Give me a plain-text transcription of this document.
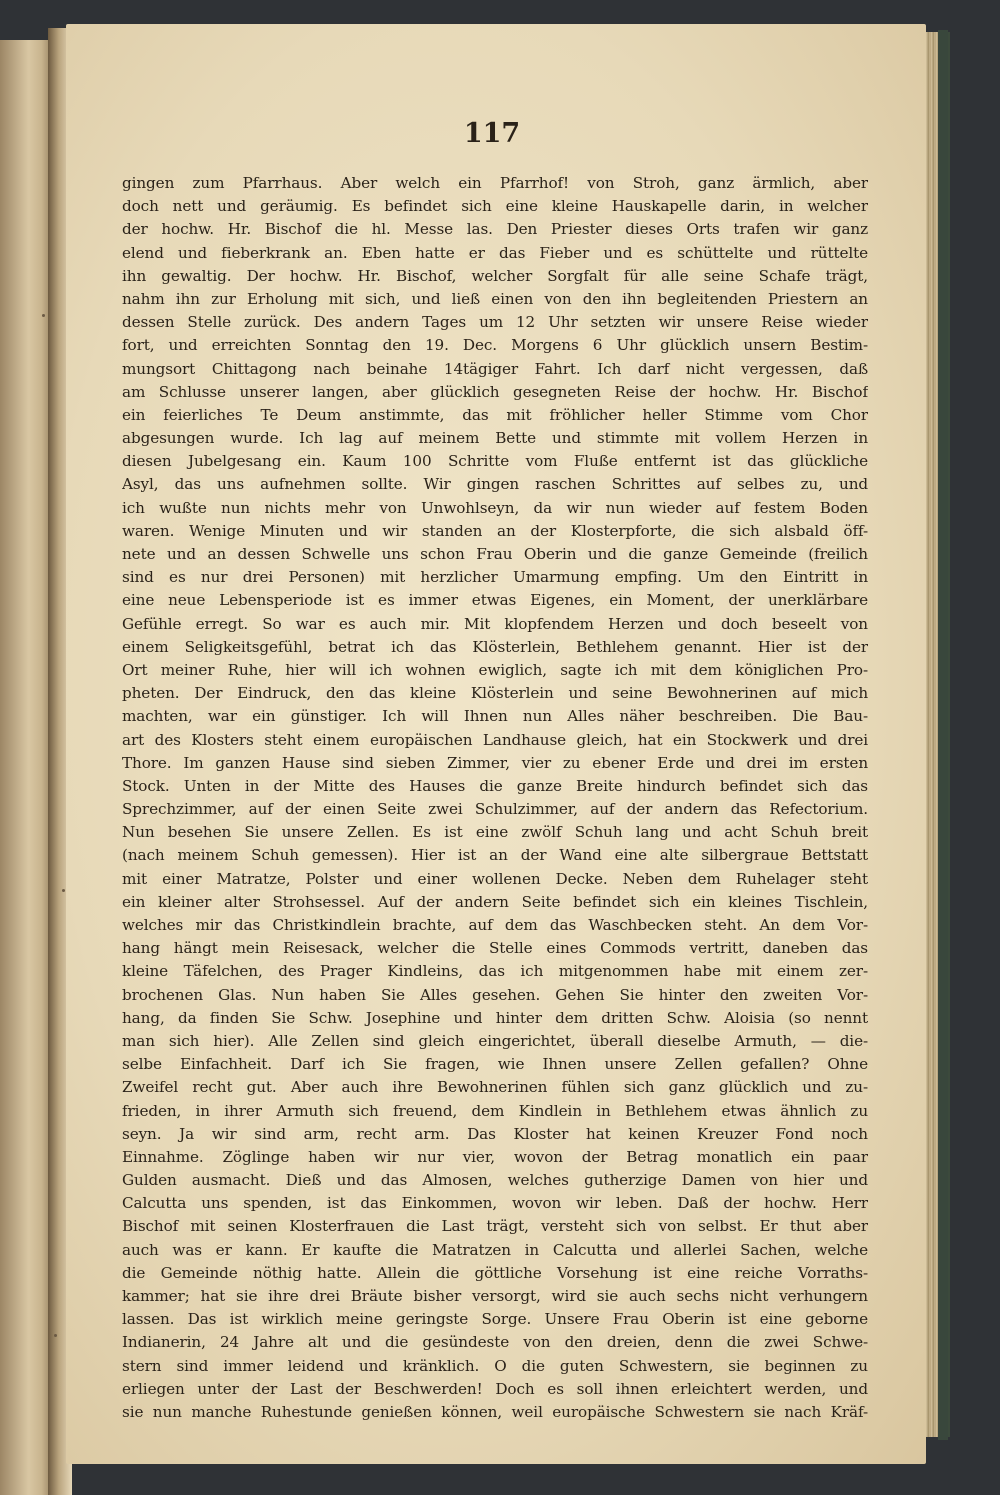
117
gingen zum Pfarrhaus. Aber welch ein Pfarrhof! von Stroh, ganz ärmlich, aber
doch nett und geräumig. Es befindet sich eine kleine Hauskapelle darin, in welcher
der hochw. Hr. Bischof die hl. Messe las. Den Priester dieses Orts trafen wir ganz
elend und fieberkrank an. Eben hatte er das Fieber und es schüttelte und rüttelte
ihn gewaltig. Der hochw. Hr. Bischof, welcher Sorgfalt für alle seine Schafe trägt,
nahm ihn zur Erholung mit sich, und ließ einen von den ihn begleitenden Priestern an
dessen Stelle zurück. Des andern Tages um 12 Uhr setzten wir unsere Reise wieder
fort, und erreichten Sonntag den 19. Dec. Morgens 6 Uhr glücklich unsern Bestim-
mungsort Chittagong nach beinahe 14tägiger Fahrt. Ich darf nicht vergessen, daß
am Schlusse unserer langen, aber glücklich gesegneten Reise der hochw. Hr. Bischof
ein feierliches Te Deum anstimmte, das mit fröhlicher heller Stimme vom Chor
abgesungen wurde. Ich lag auf meinem Bette und stimmte mit vollem Herzen in
diesen Jubelgesang ein. Kaum 100 Schritte vom Fluße entfernt ist das glückliche
Asyl, das uns aufnehmen sollte. Wir gingen raschen Schrittes auf selbes zu, und
ich wußte nun nichts mehr von Unwohlseyn, da wir nun wieder auf festem Boden
waren. Wenige Minuten und wir standen an der Klosterpforte, die sich alsbald öff-
nete und an dessen Schwelle uns schon Frau Oberin und die ganze Gemeinde (freilich
sind es nur drei Personen) mit herzlicher Umarmung empfing. Um den Eintritt in
eine neue Lebensperiode ist es immer etwas Eigenes, ein Moment, der unerklärbare
Gefühle erregt. So war es auch mir. Mit klopfendem Herzen und doch beseelt von
einem Seligkeitsgefühl, betrat ich das Klösterlein, Bethlehem genannt. Hier ist der
Ort meiner Ruhe, hier will ich wohnen ewiglich, sagte ich mit dem königlichen Pro-
pheten. Der Eindruck, den das kleine Klösterlein und seine Bewohnerinen auf mich
machten, war ein günstiger. Ich will Ihnen nun Alles näher beschreiben. Die Bau-
art des Klosters steht einem europäischen Landhause gleich, hat ein Stockwerk und drei
Thore. Im ganzen Hause sind sieben Zimmer, vier zu ebener Erde und drei im ersten
Stock. Unten in der Mitte des Hauses die ganze Breite hindurch befindet sich das
Sprechzimmer, auf der einen Seite zwei Schulzimmer, auf der andern das Refectorium.
Nun besehen Sie unsere Zellen. Es ist eine zwölf Schuh lang und acht Schuh breit
(nach meinem Schuh gemessen). Hier ist an der Wand eine alte silbergraue Bettstatt
mit einer Matratze, Polster und einer wollenen Decke. Neben dem Ruhelager steht
ein kleiner alter Strohsessel. Auf der andern Seite befindet sich ein kleines Tischlein,
welches mir das Christkindlein brachte, auf dem das Waschbecken steht. An dem Vor-
hang hängt mein Reisesack, welcher die Stelle eines Commods vertritt, daneben das
kleine Täfelchen, des Prager Kindleins, das ich mitgenommen habe mit einem zer-
brochenen Glas. Nun haben Sie Alles gesehen. Gehen Sie hinter den zweiten Vor-
hang, da finden Sie Schw. Josephine und hinter dem dritten Schw. Aloisia (so nennt
man sich hier). Alle Zellen sind gleich eingerichtet, überall dieselbe Armuth, — die-
selbe Einfachheit. Darf ich Sie fragen, wie Ihnen unsere Zellen gefallen? Ohne
Zweifel recht gut. Aber auch ihre Bewohnerinen fühlen sich ganz glücklich und zu-
frieden, in ihrer Armuth sich freuend, dem Kindlein in Bethlehem etwas ähnlich zu
seyn. Ja wir sind arm, recht arm. Das Kloster hat keinen Kreuzer Fond noch
Einnahme. Zöglinge haben wir nur vier, wovon der Betrag monatlich ein paar
Gulden ausmacht. Dieß und das Almosen, welches gutherzige Damen von hier und
Calcutta uns spenden, ist das Einkommen, wovon wir leben. Daß der hochw. Herr
Bischof mit seinen Klosterfrauen die Last trägt, versteht sich von selbst. Er thut aber
auch was er kann. Er kaufte die Matratzen in Calcutta und allerlei Sachen, welche
die Gemeinde nöthig hatte. Allein die göttliche Vorsehung ist eine reiche Vorraths-
kammer; hat sie ihre drei Bräute bisher versorgt, wird sie auch sechs nicht verhungern
lassen. Das ist wirklich meine geringste Sorge. Unsere Frau Oberin ist eine geborne
Indianerin, 24 Jahre alt und die gesündeste von den dreien, denn die zwei Schwe-
stern sind immer leidend und kränklich. O die guten Schwestern, sie beginnen zu
erliegen unter der Last der Beschwerden! Doch es soll ihnen erleichtert werden, und
sie nun manche Ruhestunde genießen können, weil europäische Schwestern sie nach Kräf-
